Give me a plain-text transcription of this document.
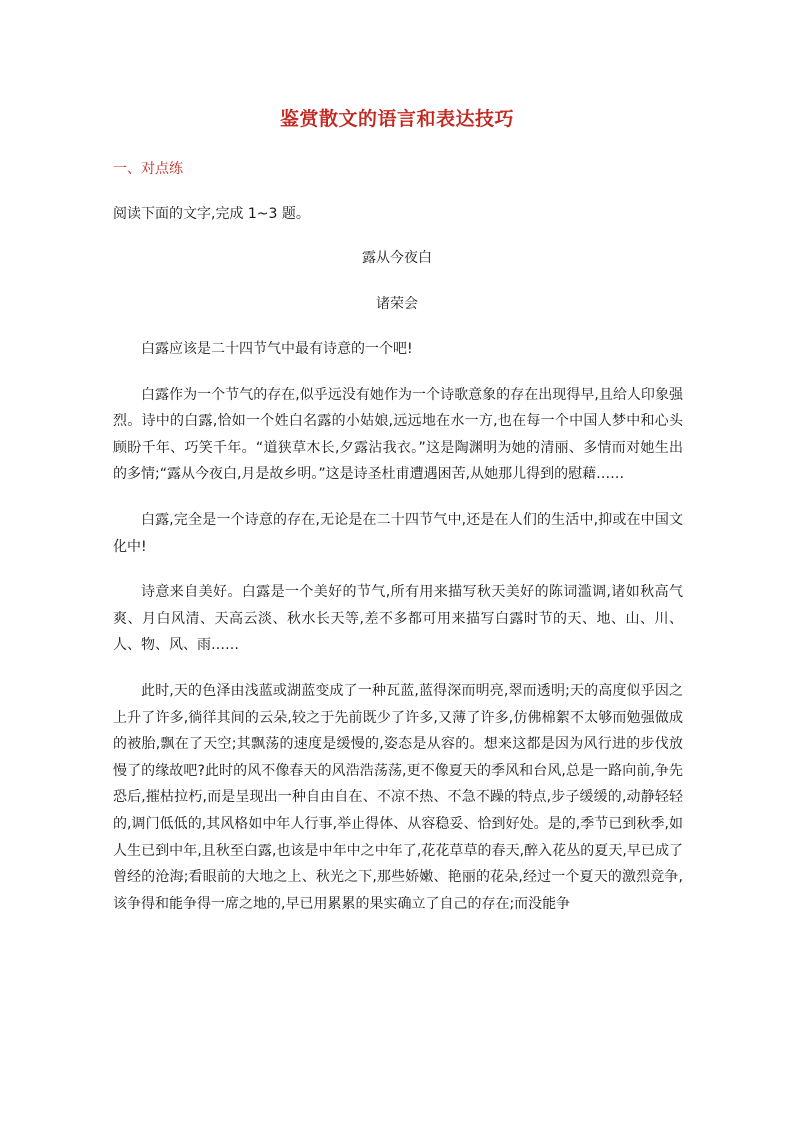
鉴赏散文的语言和表达技巧

一、对点练

阅读下面的文字,完成 1~3 题。

露从今夜白

诸荣会

白露应该是二十四节气中最有诗意的一个吧!

白露作为一个节气的存在,似乎远没有她作为一个诗歌意象的存在出现得早,且给人印象强烈。诗中的白露,恰如一个姓白名露的小姑娘,远远地在水一方,也在每一个中国人梦中和心头顾盼千年、巧笑千年。“道狭草木长,夕露沾我衣。”这是陶渊明为她的清丽、多情而对她生出的多情;“露从今夜白,月是故乡明。”这是诗圣杜甫遭遇困苦,从她那儿得到的慰藉……

白露,完全是一个诗意的存在,无论是在二十四节气中,还是在人们的生活中,抑或在中国文化中!

诗意来自美好。白露是一个美好的节气,所有用来描写秋天美好的陈词滥调,诸如秋高气爽、月白风清、天高云淡、秋水长天等,差不多都可用来描写白露时节的天、地、山、川、人、物、风、雨……

此时,天的色泽由浅蓝或湖蓝变成了一种瓦蓝,蓝得深而明亮,翠而透明;天的高度似乎因之上升了许多,徜徉其间的云朵,较之于先前既少了许多,又薄了许多,仿佛棉絮不太够而勉强做成的被胎,飘在了天空;其飘荡的速度是缓慢的,姿态是从容的。想来这都是因为风行进的步伐放慢了的缘故吧?此时的风不像春天的风浩浩荡荡,更不像夏天的季风和台风,总是一路向前,争先恐后,摧枯拉朽,而是呈现出一种自由自在、不凉不热、不急不躁的特点,步子缓缓的,动静轻轻的,调门低低的,其风格如中年人行事,举止得体、从容稳妥、恰到好处。是的,季节已到秋季,如人生已到中年,且秋至白露,也该是中年中之中年了,花花草草的春天,醉入花丛的夏天,早已成了曾经的沧海;看眼前的大地之上、秋光之下,那些娇嫩、艳丽的花朵,经过一个夏天的激烈竞争,该争得和能争得一席之地的,早已用累累的果实确立了自己的存在;而没能争
